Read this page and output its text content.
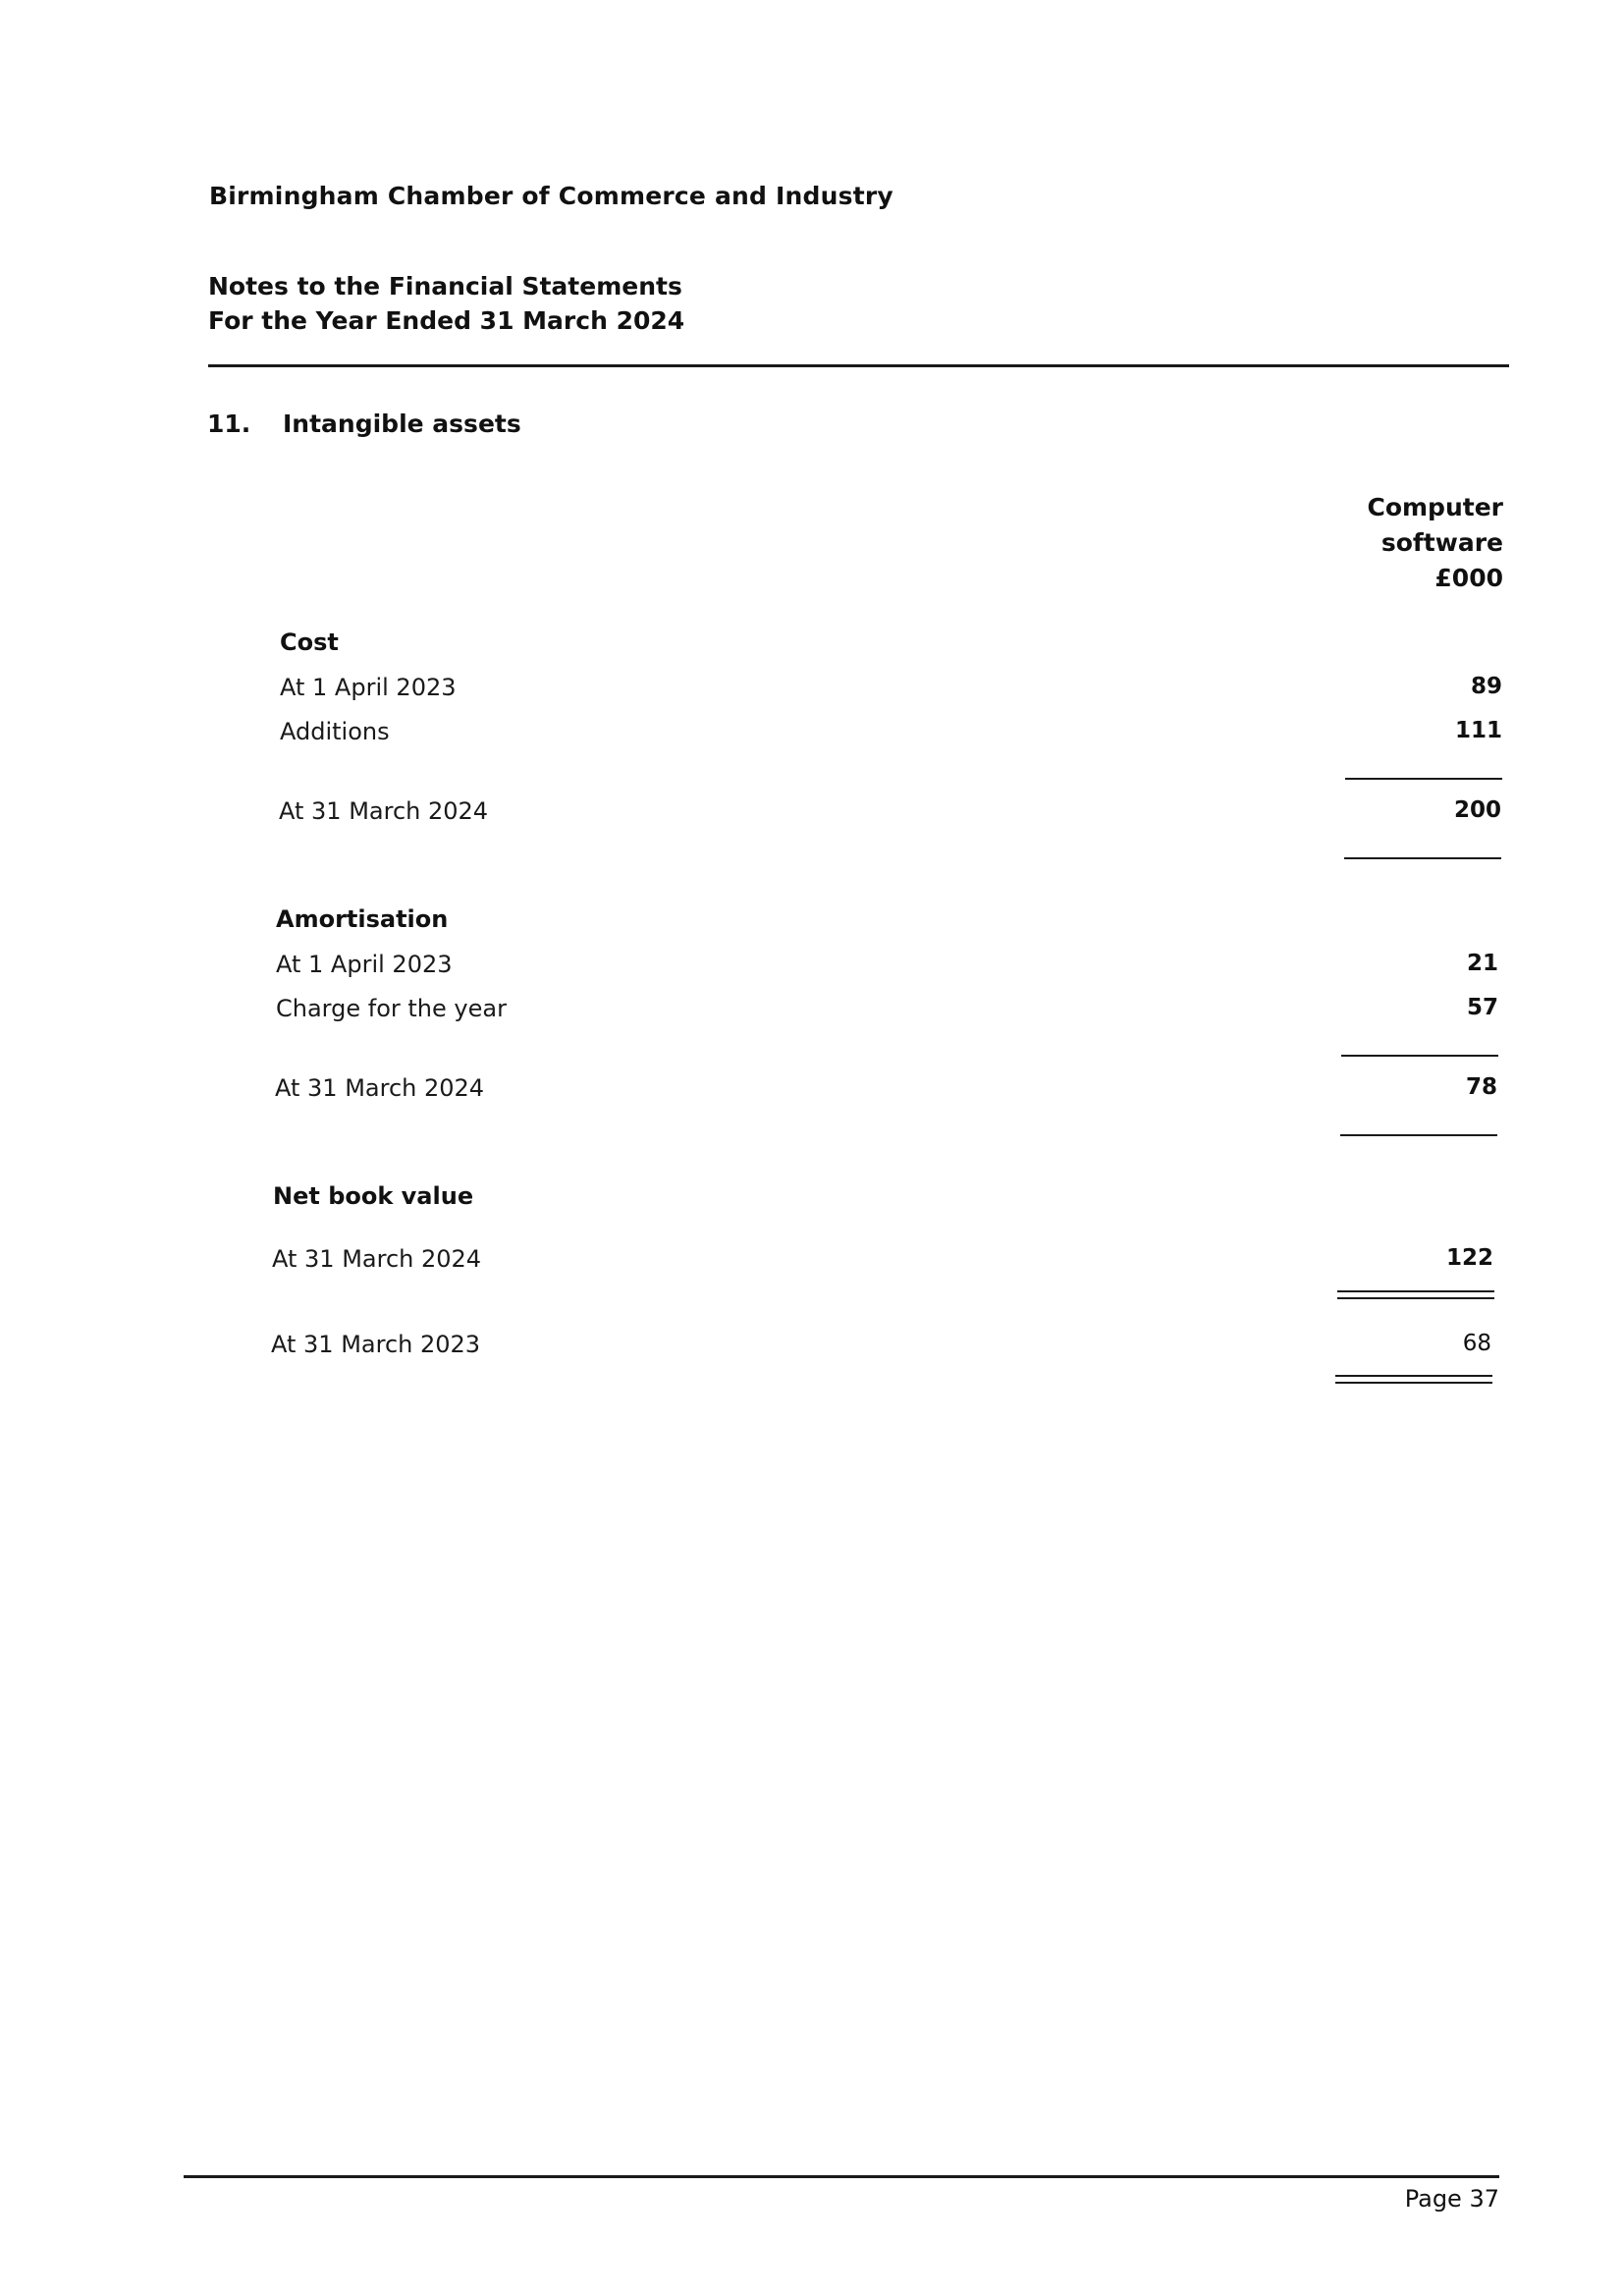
Birmingham Chamber of Commerce and Industry
Notes to the Financial Statements
For the Year Ended 31 March 2024
11. Intangible assets
Computer
software
£000
Cost
At 1 April 2023	89
Additions	111
At 31 March 2024	200
Amortisation
At 1 April 2023	21
Charge for the year	57
At 31 March 2024	78
Net book value
At 31 March 2024	122
At 31 March 2023	68
Page 37
